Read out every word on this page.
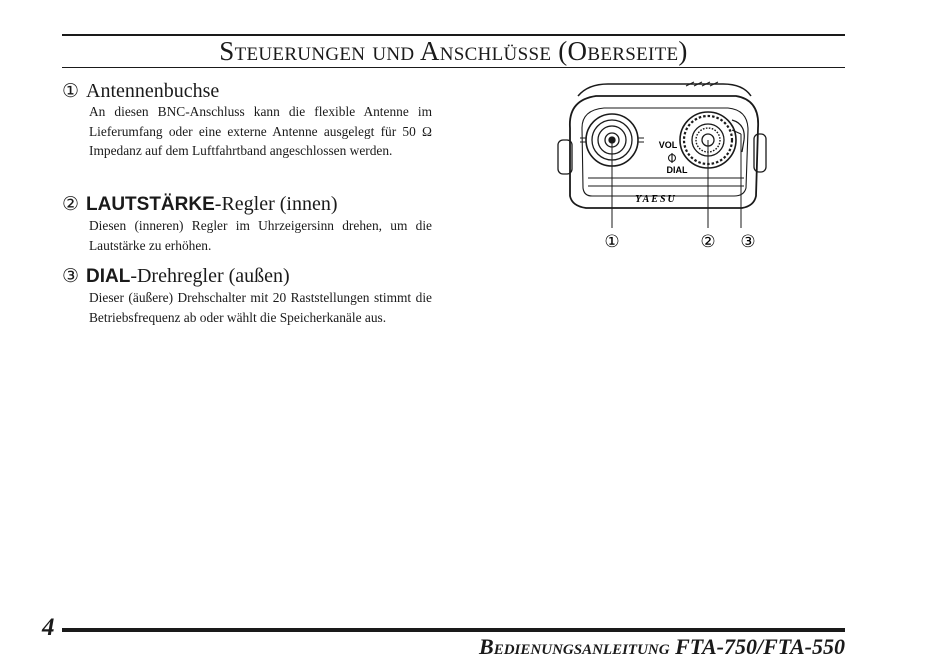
Steuerungen und Anschlüsse (Oberseite)
① Antennenbuchse

An diesen BNC-Anschluss kann die flexible Antenne im Lieferumfang oder eine externe Antenne ausgelegt für 50 Ω Impedanz auf dem Luftfahrtband angeschlossen werden.

② LAUTSTÄRKE-Regler (innen)

Diesen (inneren) Regler im Uhrzeigersinn drehen, um die Lautstärke zu erhöhen.

③ DIAL-Drehregler (außen)

Dieser (äußere) Drehschalter mit 20 Raststellungen stimmt die Betriebsfrequenz ab oder wählt die Speicherkanäle aus.

VOL
DIAL
YAESU
①	② ③
4
Bedienungsanleitung FTA-750/FTA-550
